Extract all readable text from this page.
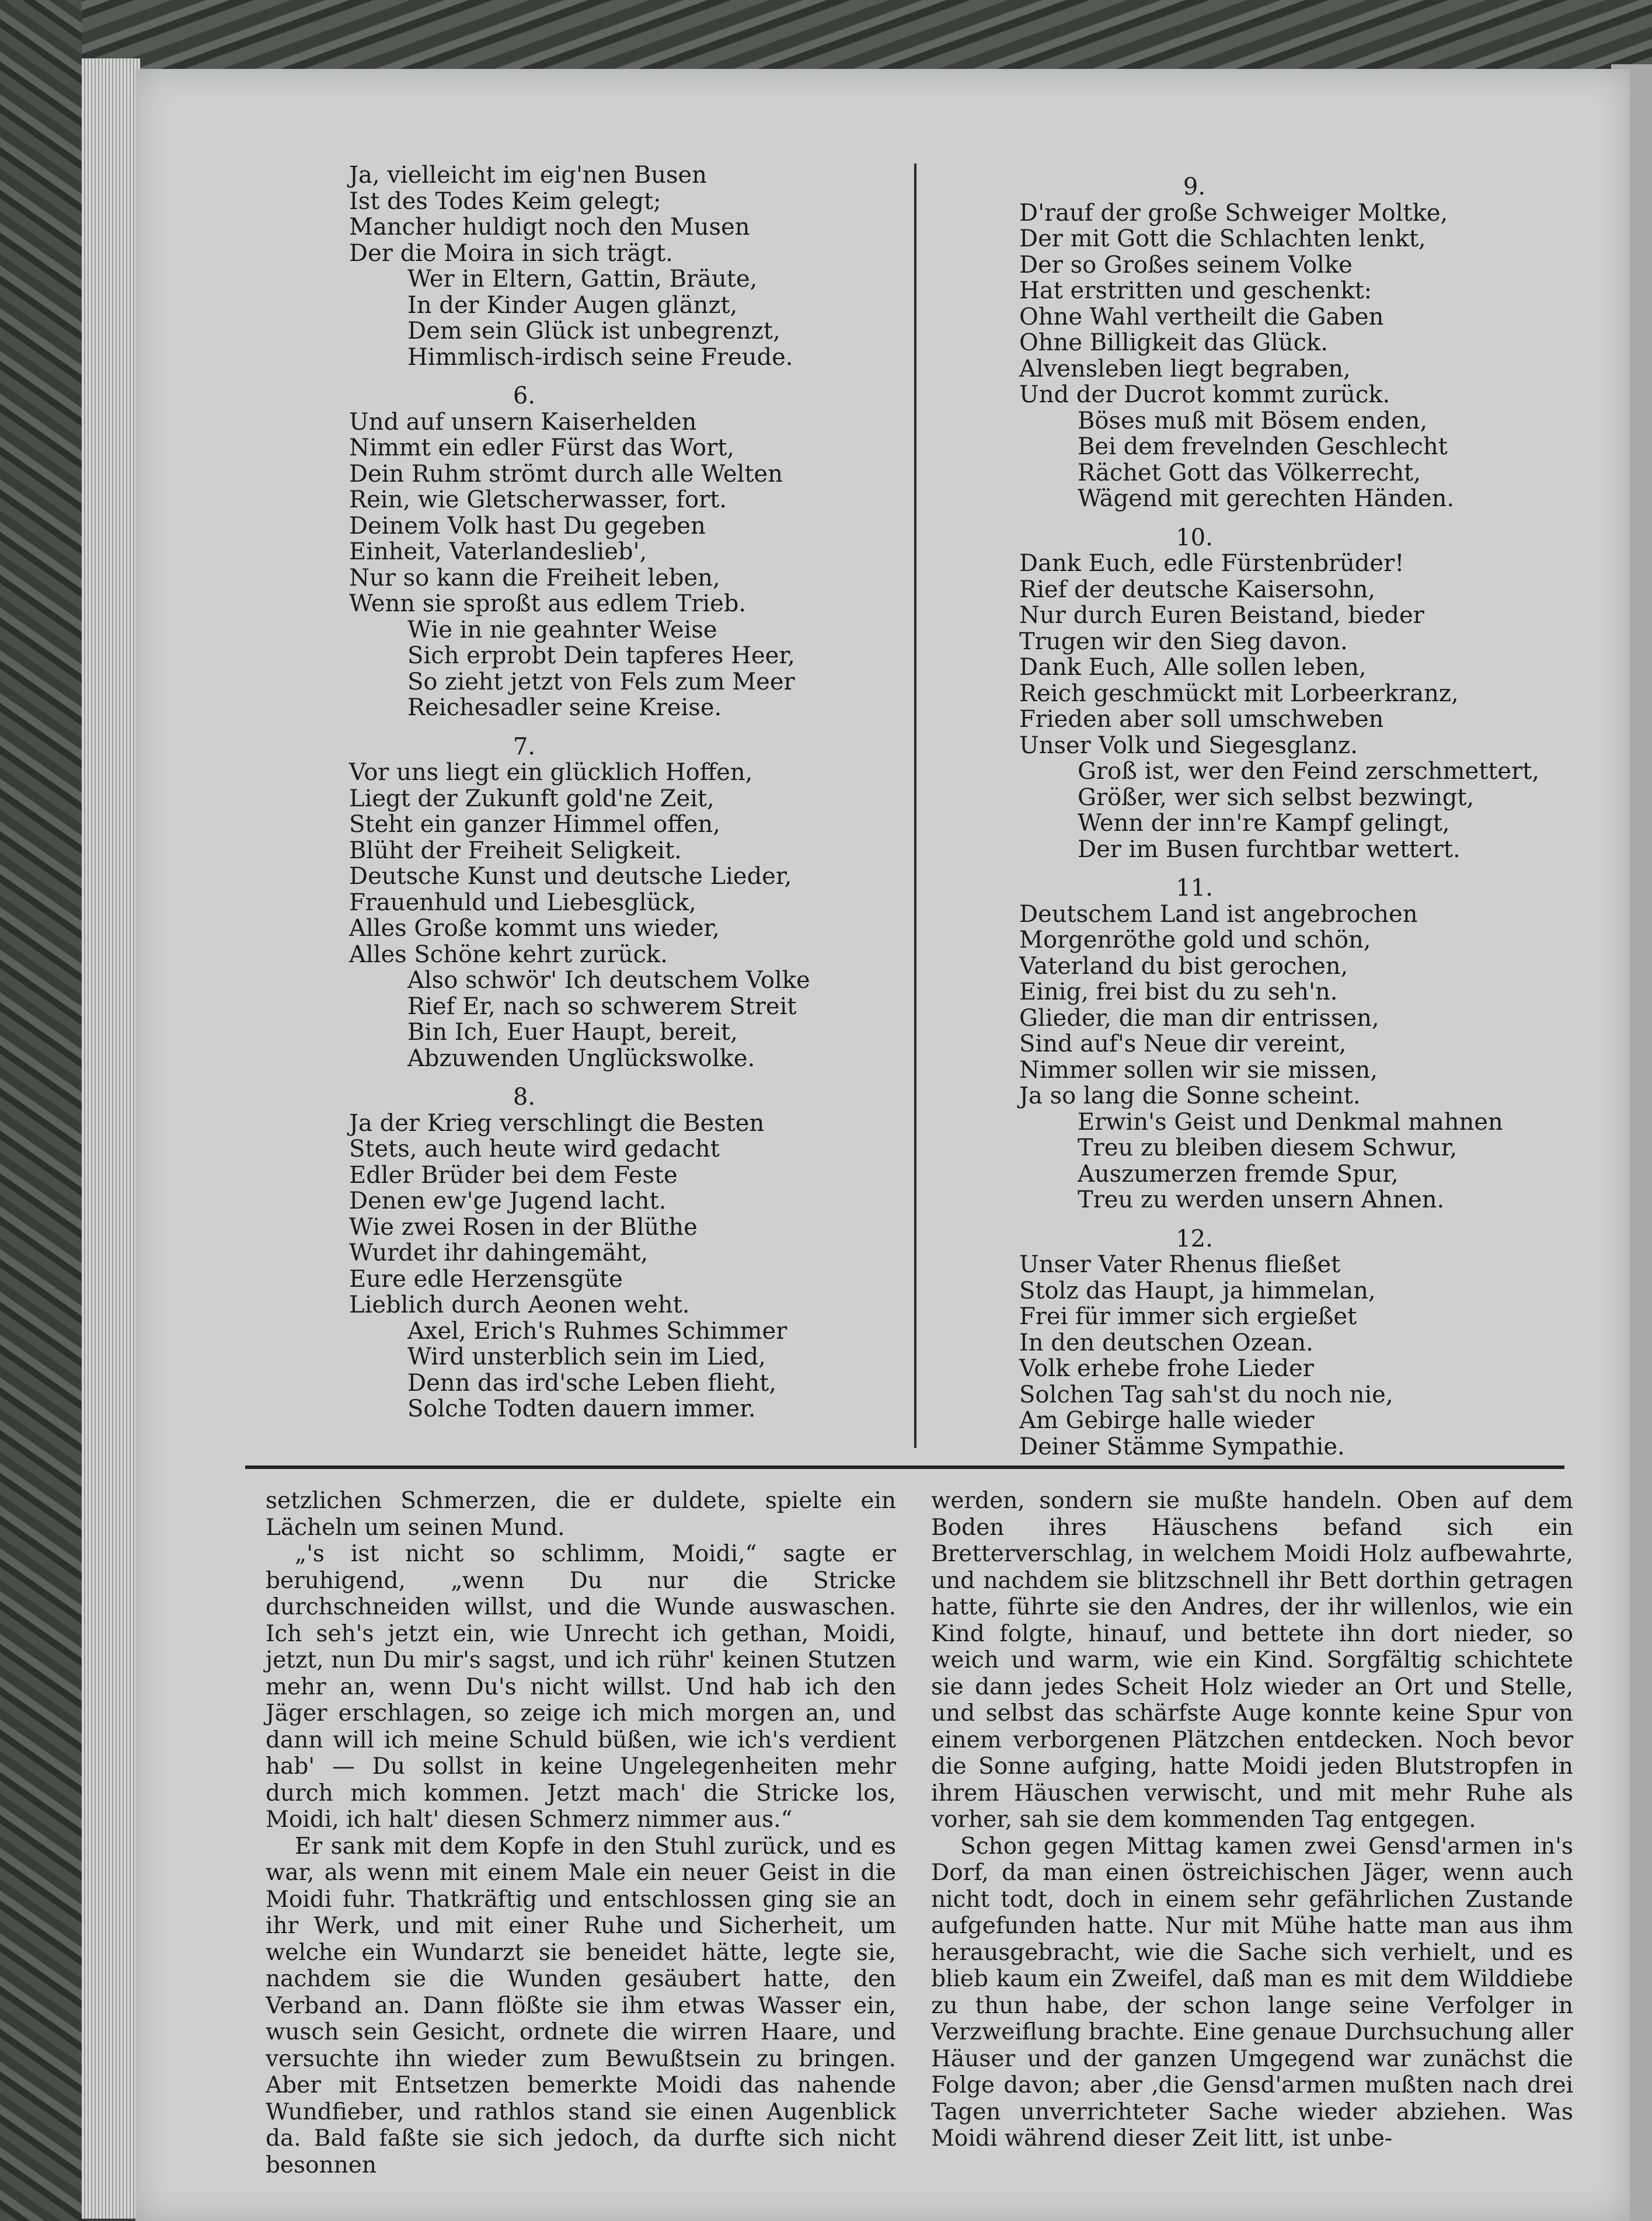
Ja, vielleicht im eig'nen Busen
Ist des Todes Keim gelegt;
Mancher huldigt noch den Musen
Der die Moira in sich trägt.
Wer in Eltern, Gattin, Bräute,
In der Kinder Augen glänzt,
Dem sein Glück ist unbegrenzt,
Himmlisch-irdisch seine Freude.
6.
Und auf unsern Kaiserhelden
Nimmt ein edler Fürst das Wort,
Dein Ruhm strömt durch alle Welten
Rein, wie Gletscherwasser, fort.
Deinem Volk hast Du gegeben
Einheit, Vaterlandeslieb',
Nur so kann die Freiheit leben,
Wenn sie sproßt aus edlem Trieb.
Wie in nie geahnter Weise
Sich erprobt Dein tapferes Heer,
So zieht jetzt von Fels zum Meer
Reichesadler seine Kreise.
7.
Vor uns liegt ein glücklich Hoffen,
Liegt der Zukunft gold'ne Zeit,
Steht ein ganzer Himmel offen,
Blüht der Freiheit Seligkeit.
Deutsche Kunst und deutsche Lieder,
Frauenhuld und Liebesglück,
Alles Große kommt uns wieder,
Alles Schöne kehrt zurück.
Also schwör' Ich deutschem Volke
Rief Er, nach so schwerem Streit
Bin Ich, Euer Haupt, bereit,
Abzuwenden Unglückswolke.
8.
Ja der Krieg verschlingt die Besten
Stets, auch heute wird gedacht
Edler Brüder bei dem Feste
Denen ew'ge Jugend lacht.
Wie zwei Rosen in der Blüthe
Wurdet ihr dahingemäht,
Eure edle Herzensgüte
Lieblich durch Aeonen weht.
Axel, Erich's Ruhmes Schimmer
Wird unsterblich sein im Lied,
Denn das ird'sche Leben flieht,
Solche Todten dauern immer.
9.
D'rauf der große Schweiger Moltke,
Der mit Gott die Schlachten lenkt,
Der so Großes seinem Volke
Hat erstritten und geschenkt:
Ohne Wahl vertheilt die Gaben
Ohne Billigkeit das Glück.
Alvensleben liegt begraben,
Und der Ducrot kommt zurück.
Böses muß mit Bösem enden,
Bei dem frevelnden Geschlecht
Rächet Gott das Völkerrecht,
Wägend mit gerechten Händen.
10.
Dank Euch, edle Fürstenbrüder!
Rief der deutsche Kaisersohn,
Nur durch Euren Beistand, bieder
Trugen wir den Sieg davon.
Dank Euch, Alle sollen leben,
Reich geschmückt mit Lorbeerkranz,
Frieden aber soll umschweben
Unser Volk und Siegesglanz.
Groß ist, wer den Feind zerschmettert,
Größer, wer sich selbst bezwingt,
Wenn der inn're Kampf gelingt,
Der im Busen furchtbar wettert.
11.
Deutschem Land ist angebrochen
Morgenröthe gold und schön,
Vaterland du bist gerochen,
Einig, frei bist du zu seh'n.
Glieder, die man dir entrissen,
Sind auf's Neue dir vereint,
Nimmer sollen wir sie missen,
Ja so lang die Sonne scheint.
Erwin's Geist und Denkmal mahnen
Treu zu bleiben diesem Schwur,
Auszumerzen fremde Spur,
Treu zu werden unsern Ahnen.
12.
Unser Vater Rhenus fließet
Stolz das Haupt, ja himmelan,
Frei für immer sich ergießet
In den deutschen Ozean.
Volk erhebe frohe Lieder
Solchen Tag sah'st du noch nie,
Am Gebirge halle wieder
Deiner Stämme Sympathie.

setzlichen Schmerzen, die er duldete, spielte ein Lächeln um seinen Mund.

„'s ist nicht so schlimm, Moidi,“ sagte er beruhigend, „wenn Du nur die Stricke durchschneiden willst, und die Wunde auswaschen. Ich seh's jetzt ein, wie Unrecht ich gethan, Moidi, jetzt, nun Du mir's sagst, und ich rühr' keinen Stutzen mehr an, wenn Du's nicht willst. Und hab ich den Jäger erschlagen, so zeige ich mich morgen an, und dann will ich meine Schuld büßen, wie ich's verdient hab' — Du sollst in keine Ungelegenheiten mehr durch mich kommen. Jetzt mach' die Stricke los, Moidi, ich halt' diesen Schmerz nimmer aus.“

Er sank mit dem Kopfe in den Stuhl zurück, und es war, als wenn mit einem Male ein neuer Geist in die Moidi fuhr. Thatkräftig und entschlossen ging sie an ihr Werk, und mit einer Ruhe und Sicherheit, um welche ein Wundarzt sie beneidet hätte, legte sie, nachdem sie die Wunden gesäubert hatte, den Verband an. Dann flößte sie ihm etwas Wasser ein, wusch sein Gesicht, ordnete die wirren Haare, und versuchte ihn wieder zum Bewußtsein zu bringen. Aber mit Entsetzen bemerkte Moidi das nahende Wundfieber, und rathlos stand sie einen Augenblick da. Bald faßte sie sich jedoch, da durfte sich nicht besonnen

werden, sondern sie mußte handeln. Oben auf dem Boden ihres Häuschens befand sich ein Bretterverschlag, in welchem Moidi Holz aufbewahrte, und nachdem sie blitzschnell ihr Bett dorthin getragen hatte, führte sie den Andres, der ihr willenlos, wie ein Kind folgte, hinauf, und bettete ihn dort nieder, so weich und warm, wie ein Kind. Sorgfältig schichtete sie dann jedes Scheit Holz wieder an Ort und Stelle, und selbst das schärfste Auge konnte keine Spur von einem verborgenen Plätzchen entdecken. Noch bevor die Sonne aufging, hatte Moidi jeden Blutstropfen in ihrem Häuschen verwischt, und mit mehr Ruhe als vorher, sah sie dem kommenden Tag entgegen.

Schon gegen Mittag kamen zwei Gensd'armen in's Dorf, da man einen östreichischen Jäger, wenn auch nicht todt, doch in einem sehr gefährlichen Zustande aufgefunden hatte. Nur mit Mühe hatte man aus ihm herausgebracht, wie die Sache sich verhielt, und es blieb kaum ein Zweifel, daß man es mit dem Wilddiebe zu thun habe, der schon lange seine Verfolger in Verzweiflung brachte. Eine genaue Durchsuchung aller Häuser und der ganzen Umgegend war zunächst die Folge davon; aber ‚die Gensd'armen mußten nach drei Tagen unverrichteter Sache wieder abziehen. Was Moidi während dieser Zeit litt, ist unbe-
